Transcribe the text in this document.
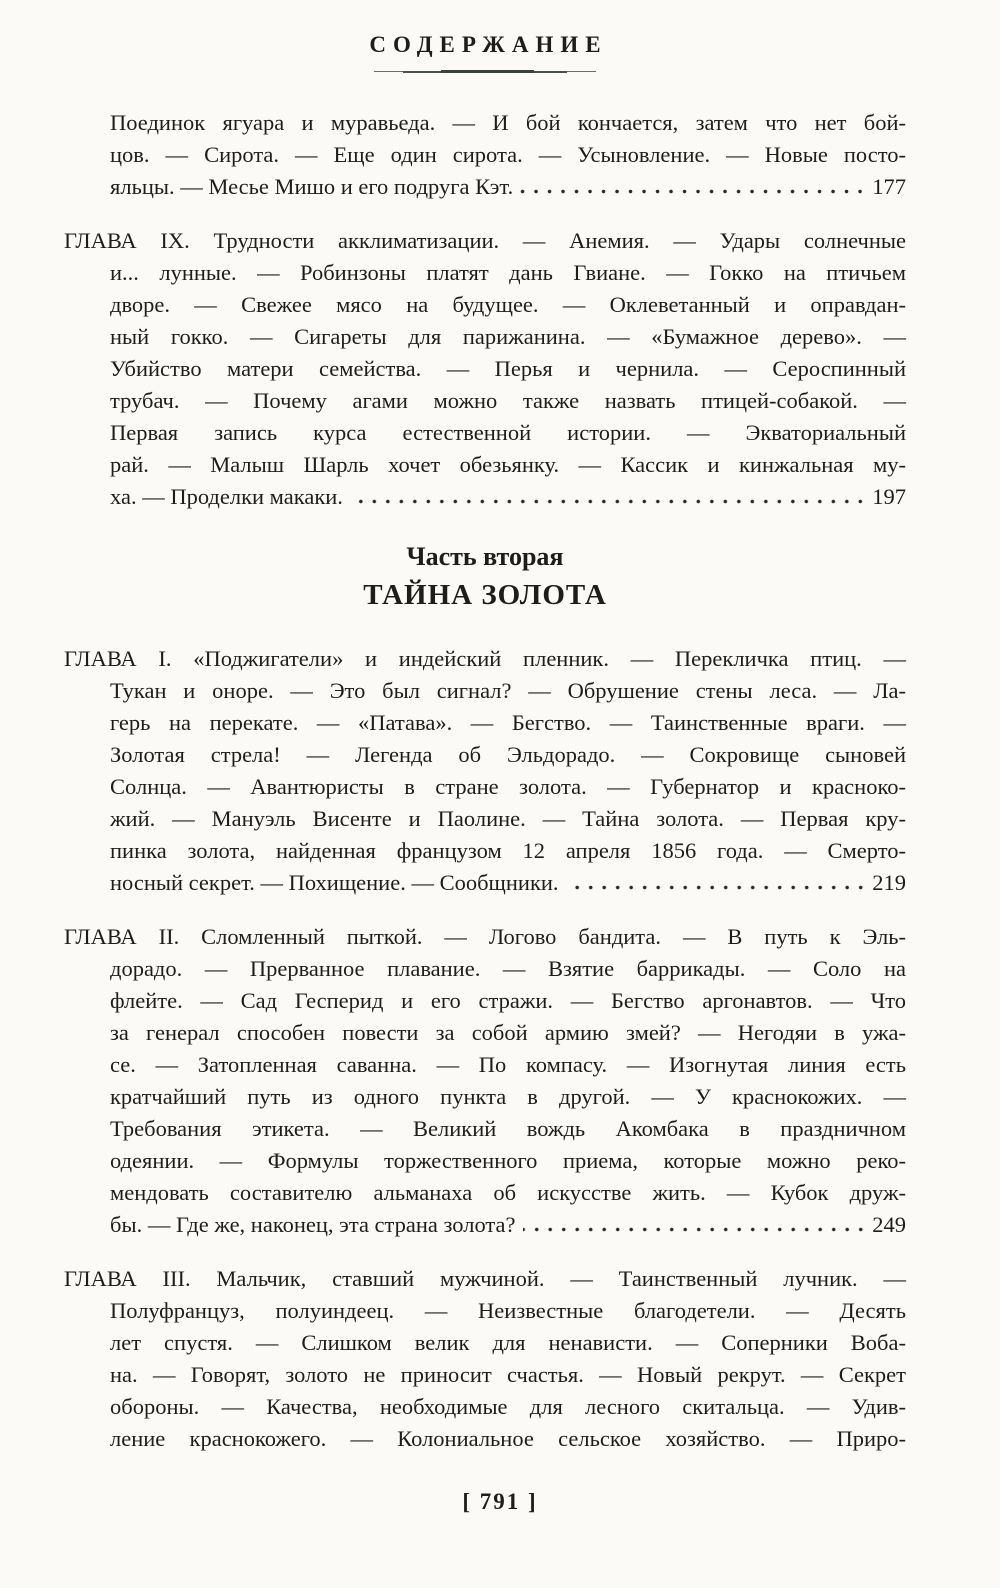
СОДЕРЖАНИЕ
Поединок ягуара и муравьеда. — И бой кончается, затем что нет бой-
цов. — Сирота. — Еще один сирота. — Усыновление. — Новые посто-
яльцы. — Месье Мишо и его подруга Кэт.	177
ГЛАВА IX. Трудности акклиматизации. — Анемия. — Удары солнечные
и... лунные. — Робинзоны платят дань Гвиане. — Гокко на птичьем
дворе. — Свежее мясо на будущее. — Оклеветанный и оправдан-
ный гокко. — Сигареты для парижанина. — «Бумажное дерево». —
Убийство матери семейства. — Перья и чернила. — Сероспинный
трубач. — Почему агами можно также назвать птицей-собакой. —
Первая запись курса естественной истории. — Экваториальный
рай. — Малыш Шарль хочет обезьянку. — Кассик и кинжальная му-
ха. — Проделки макаки.	197
Часть вторая
ТАЙНА ЗОЛОТА
ГЛАВА I. «Поджигатели» и индейский пленник. — Перекличка птиц. —
Тукан и оноре. — Это был сигнал? — Обрушение стены леса. — Ла-
герь на перекате. — «Патава». — Бегство. — Таинственные враги. —
Золотая стрела! — Легенда об Эльдорадо. — Сокровище сыновей
Солнца. — Авантюристы в стране золота. — Губернатор и красноко-
жий. — Мануэль Висенте и Паолине. — Тайна золота. — Первая кру-
пинка золота, найденная французом 12 апреля 1856 года. — Смерто-
носный секрет. — Похищение. — Сообщники.	219
ГЛАВА II. Сломленный пыткой. — Логово бандита. — В путь к Эль-
дорадо. — Прерванное плавание. — Взятие баррикады. — Соло на
флейте. — Сад Гесперид и его стражи. — Бегство аргонавтов. — Что
за генерал способен повести за собой армию змей? — Негодяи в ужа-
се. — Затопленная саванна. — По компасу. — Изогнутая линия есть
кратчайший путь из одного пункта в другой. — У краснокожих. —
Требования этикета. — Великий вождь Акомбака в праздничном
одеянии. — Формулы торжественного приема, которые можно реко-
мендовать составителю альманаха об искусстве жить. — Кубок друж-
бы. — Где же, наконец, эта страна золота?	249
ГЛАВА III. Мальчик, ставший мужчиной. — Таинственный лучник. —
Полуфранцуз, полуиндеец. — Неизвестные благодетели. — Десять
лет спустя. — Слишком велик для ненависти. — Соперники Воба-
на. — Говорят, золото не приносит счастья. — Новый рекрут. — Секрет
обороны. — Качества, необходимые для лесного скитальца. — Удив-
ление краснокожего. — Колониальное сельское хозяйство. — Приро-
[ 791 ]
